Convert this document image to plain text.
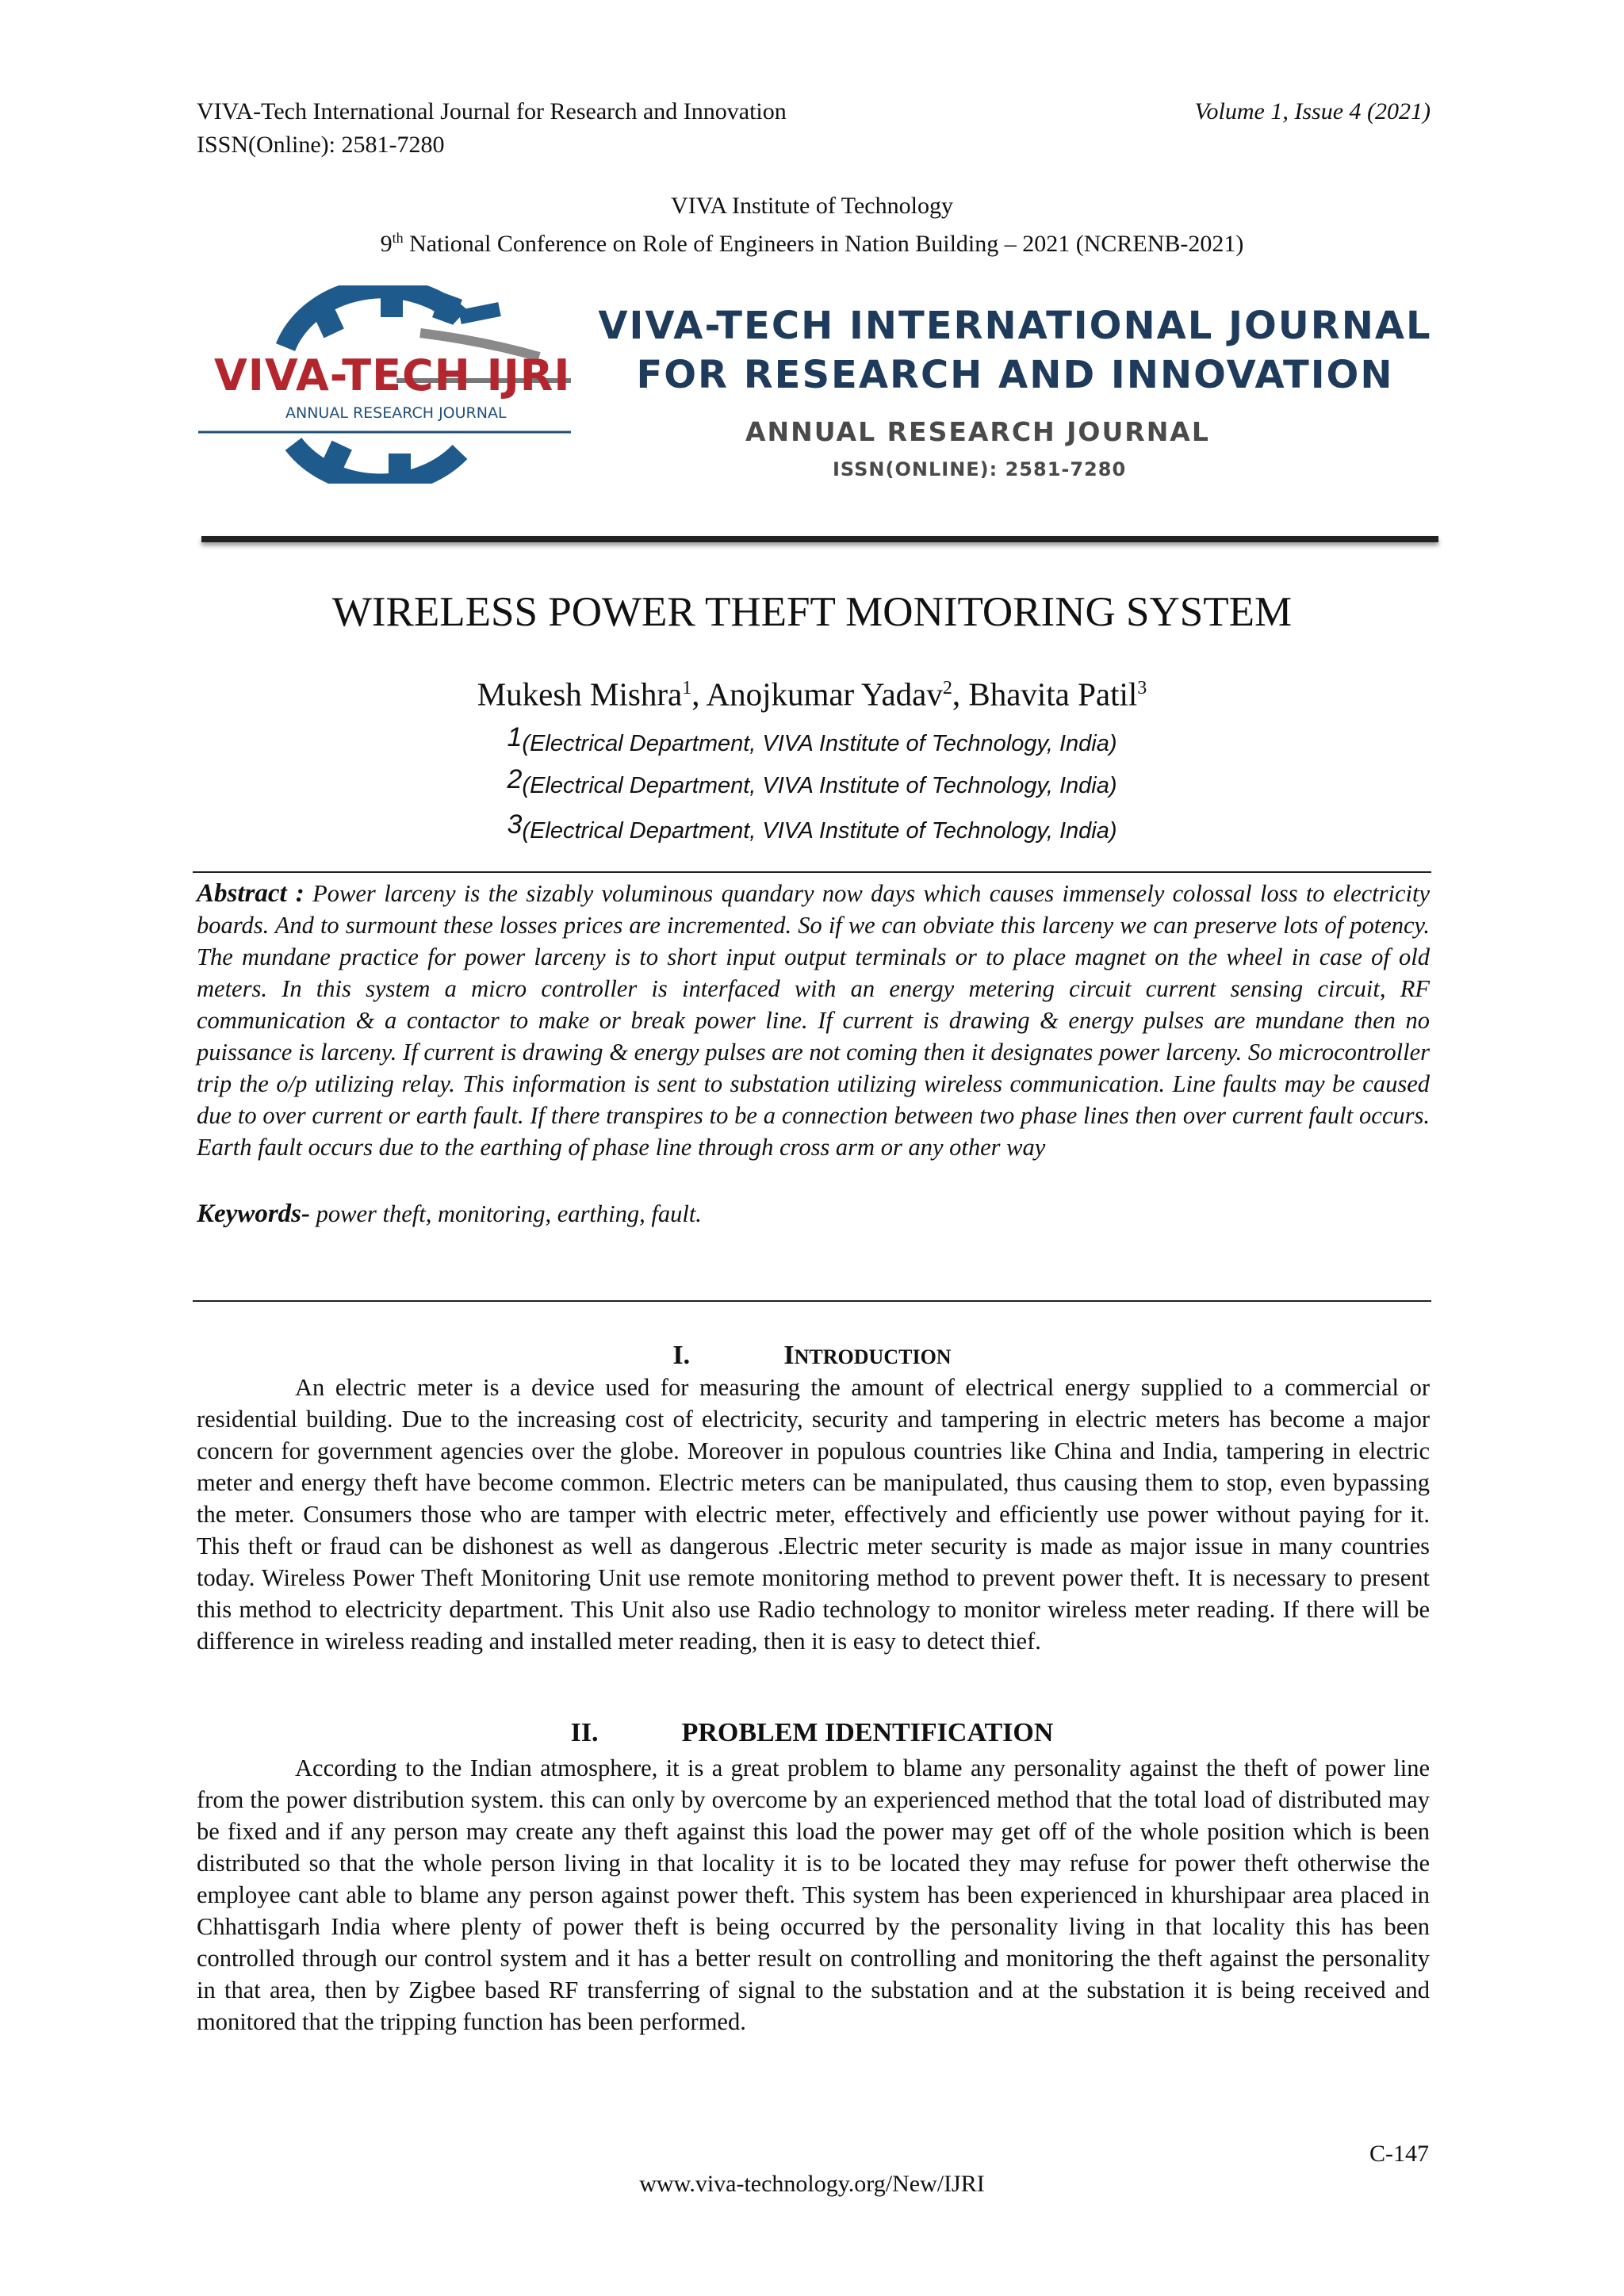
VIVA-Tech International Journal for Research and Innovation
ISSN(Online): 2581-7280
Volume 1, Issue 4 (2021)
VIVA Institute of Technology
9th National Conference on Role of Engineers in Nation Building – 2021 (NCRENB-2021)
VIVA-TECH IJRI
ANNUAL RESEARCH JOURNAL
VIVA-TECH INTERNATIONAL JOURNAL
FOR RESEARCH AND INNOVATION
ANNUAL RESEARCH JOURNAL
ISSN(ONLINE): 2581-7280
WIRELESS POWER THEFT MONITORING SYSTEM
Mukesh Mishra$^1$, Anojkumar Yadav$^2$, Bhavita Patil$^3$
$^1$(Electrical Department, VIVA Institute of Technology, India)
$^2$(Electrical Department, VIVA Institute of Technology, India)
$^3$(Electrical Department, VIVA Institute of Technology, India)
Abstract : Power larceny is the sizably voluminous quandary now days which causes immensely colossal loss to electricity boards. And to surmount these losses prices are incremented. So if we can obviate this larceny we can preserve lots of potency. The mundane practice for power larceny is to short input output terminals or to place magnet on the wheel in case of old meters. In this system a micro controller is interfaced with an energy metering circuit current sensing circuit, RF communication & a contactor to make or break power line. If current is drawing & energy pulses are mundane then no puissance is larceny. If current is drawing & energy pulses are not coming then it designates power larceny. So microcontroller trip the o/p utilizing relay. This information is sent to substation utilizing wireless communication. Line faults may be caused due to over current or earth fault. If there transpires to be a connection between two phase lines then over current fault occurs. Earth fault occurs due to the earthing of phase line through cross arm or any other way
Keywords- power theft, monitoring, earthing, fault.
I.	INTRODUCTION
An electric meter is a device used for measuring the amount of electrical energy supplied to a commercial or residential building. Due to the increasing cost of electricity, security and tampering in electric meters has become a major concern for government agencies over the globe. Moreover in populous countries like China and India, tampering in electric meter and energy theft have become common. Electric meters can be manipulated, thus causing them to stop, even bypassing the meter. Consumers those who are tamper with electric meter, effectively and efficiently use power without paying for it. This theft or fraud can be dishonest as well as dangerous .Electric meter security is made as major issue in many countries today. Wireless Power Theft Monitoring Unit use remote monitoring method to prevent power theft. It is necessary to present this method to electricity department. This Unit also use Radio technology to monitor wireless meter reading. If there will be difference in wireless reading and installed meter reading, then it is easy to detect thief.
II.	PROBLEM IDENTIFICATION
According to the Indian atmosphere, it is a great problem to blame any personality against the theft of power line from the power distribution system. this can only by overcome by an experienced method that the total load of distributed may be fixed and if any person may create any theft against this load the power may get off of the whole position which is been distributed so that the whole person living in that locality it is to be located they may refuse for power theft otherwise the employee cant able to blame any person against power theft. This system has been experienced in khurshipaar area placed in Chhattisgarh India where plenty of power theft is being occurred by the personality living in that locality this has been controlled through our control system and it has a better result on controlling and monitoring the theft against the personality in that area, then by Zigbee based RF transferring of signal to the substation and at the substation it is being received and monitored that the tripping function has been performed.
C-147
www.viva-technology.org/New/IJRI
